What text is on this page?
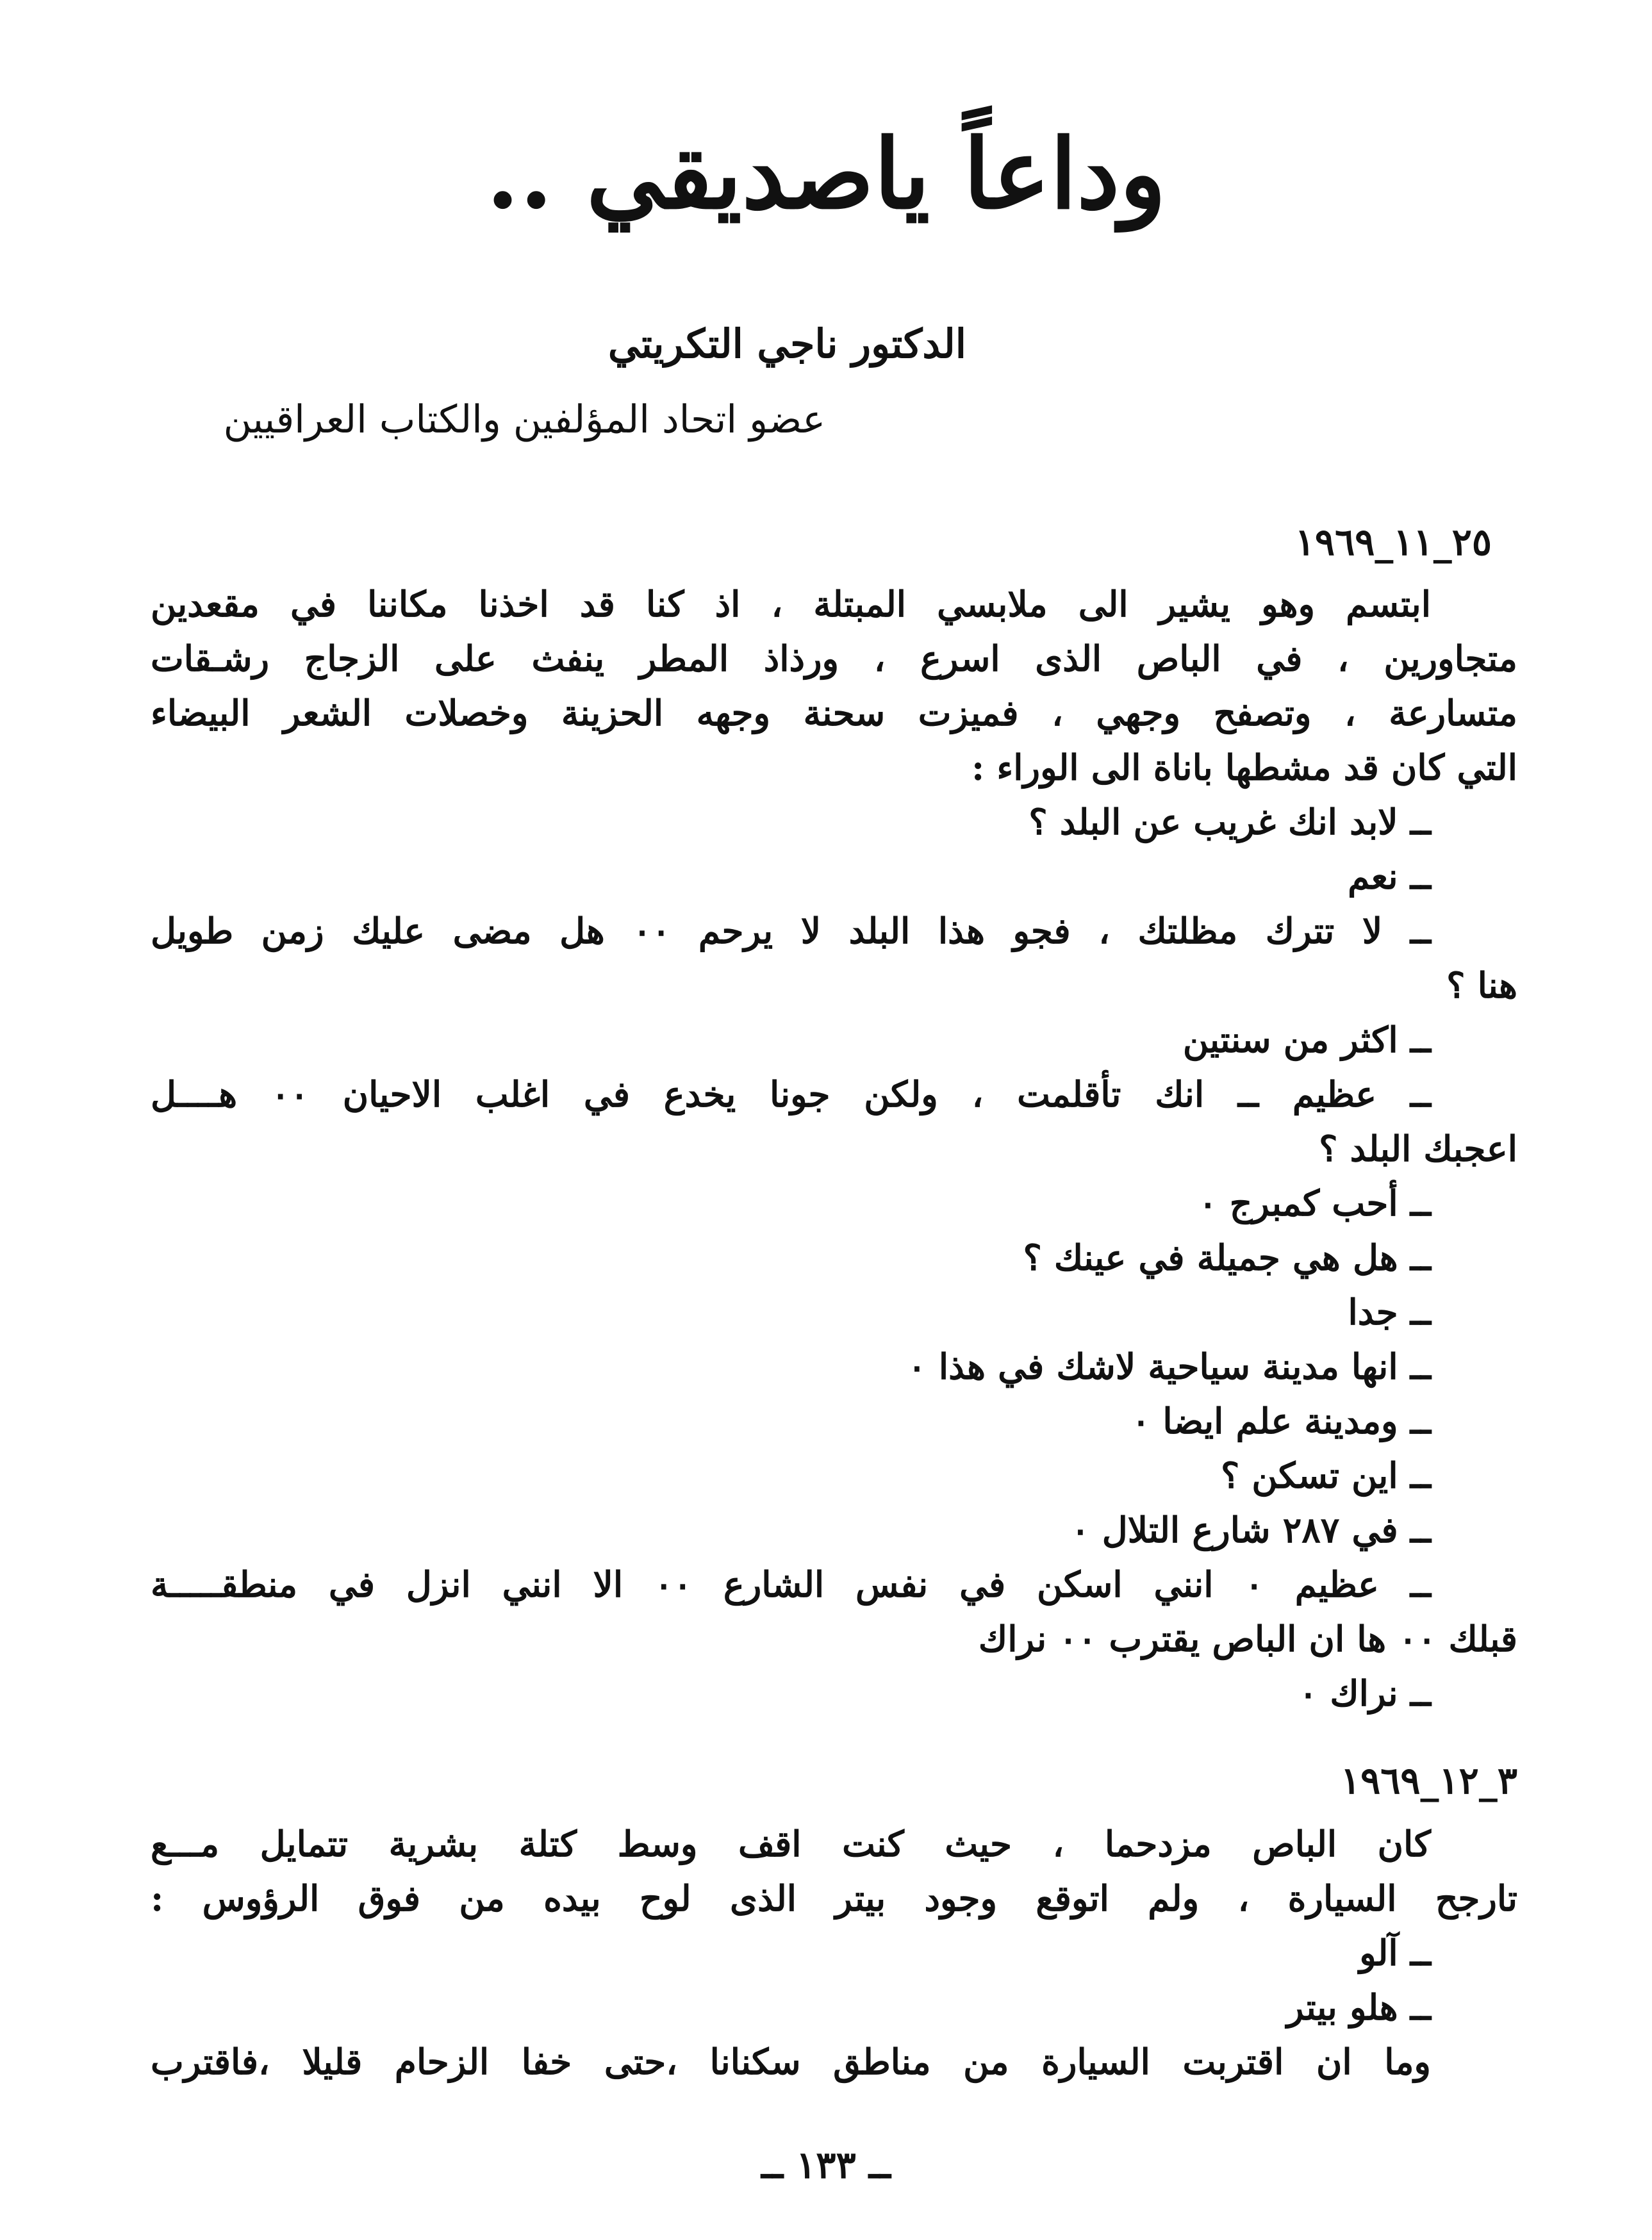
وداعاً ياصديقي ..
الدكتور ناجي التكريتي
عضو اتحاد المؤلفين والكتاب العراقيين
٢٥_١١_١٩٦٩
ابتسم وهو يشير الى ملابسي المبتلة ، اذ كنا قد اخذنا مكاننا في مقعدين
متجاورين ، في الباص الذى اسرع ، ورذاذ المطر ينفث على الزجاج رشـقات
متسارعة ، وتصفح وجهي ، فميزت سحنة وجهه الحزينة وخصلات الشعر البيضاء
التي كان قد مشطها باناة الى الوراء :
ــ لابد انك غريب عن البلد ؟
ــ نعم
ــ لا تترك مظلتك ، فجو هذا البلد لا يرحم ٠٠ هل مضى عليك زمن طويل
هنا ؟
ــ اكثر من سنتين
ــ عظيم ــ انك تأقلمت ، ولكن جونا يخدع في اغلب الاحيان ٠٠ هــــل
اعجبك البلد ؟
ــ أحب كمبرج ٠
ــ هل هي جميلة في عينك ؟
ــ جدا
ــ انها مدينة سياحية لاشك في هذا ٠
ــ ومدينة علم ايضا ٠
ــ اين تسكن ؟
ــ في ٢٨٧ شارع التلال ٠
ــ عظيم ٠ انني اسكن في نفس الشارع ٠٠ الا انني انزل في منطقـــــة
قبلك ٠٠ ها ان الباص يقترب ٠٠ نراك
ــ نراك ٠
٣_١٢_١٩٦٩
كان الباص مزدحما ، حيث كنت اقف وسط كتلة بشرية تتمايل مـــع
تارجح السيارة ، ولم اتوقع وجود بيتر الذى لوح بيده من فوق الرؤوس :
ــ آلو
ــ هلو بيتر
وما ان اقتربت السيارة من مناطق سكنانا ،حتى خفا الزحام قليلا ،فاقترب
ــ ١٣٣ ــ
